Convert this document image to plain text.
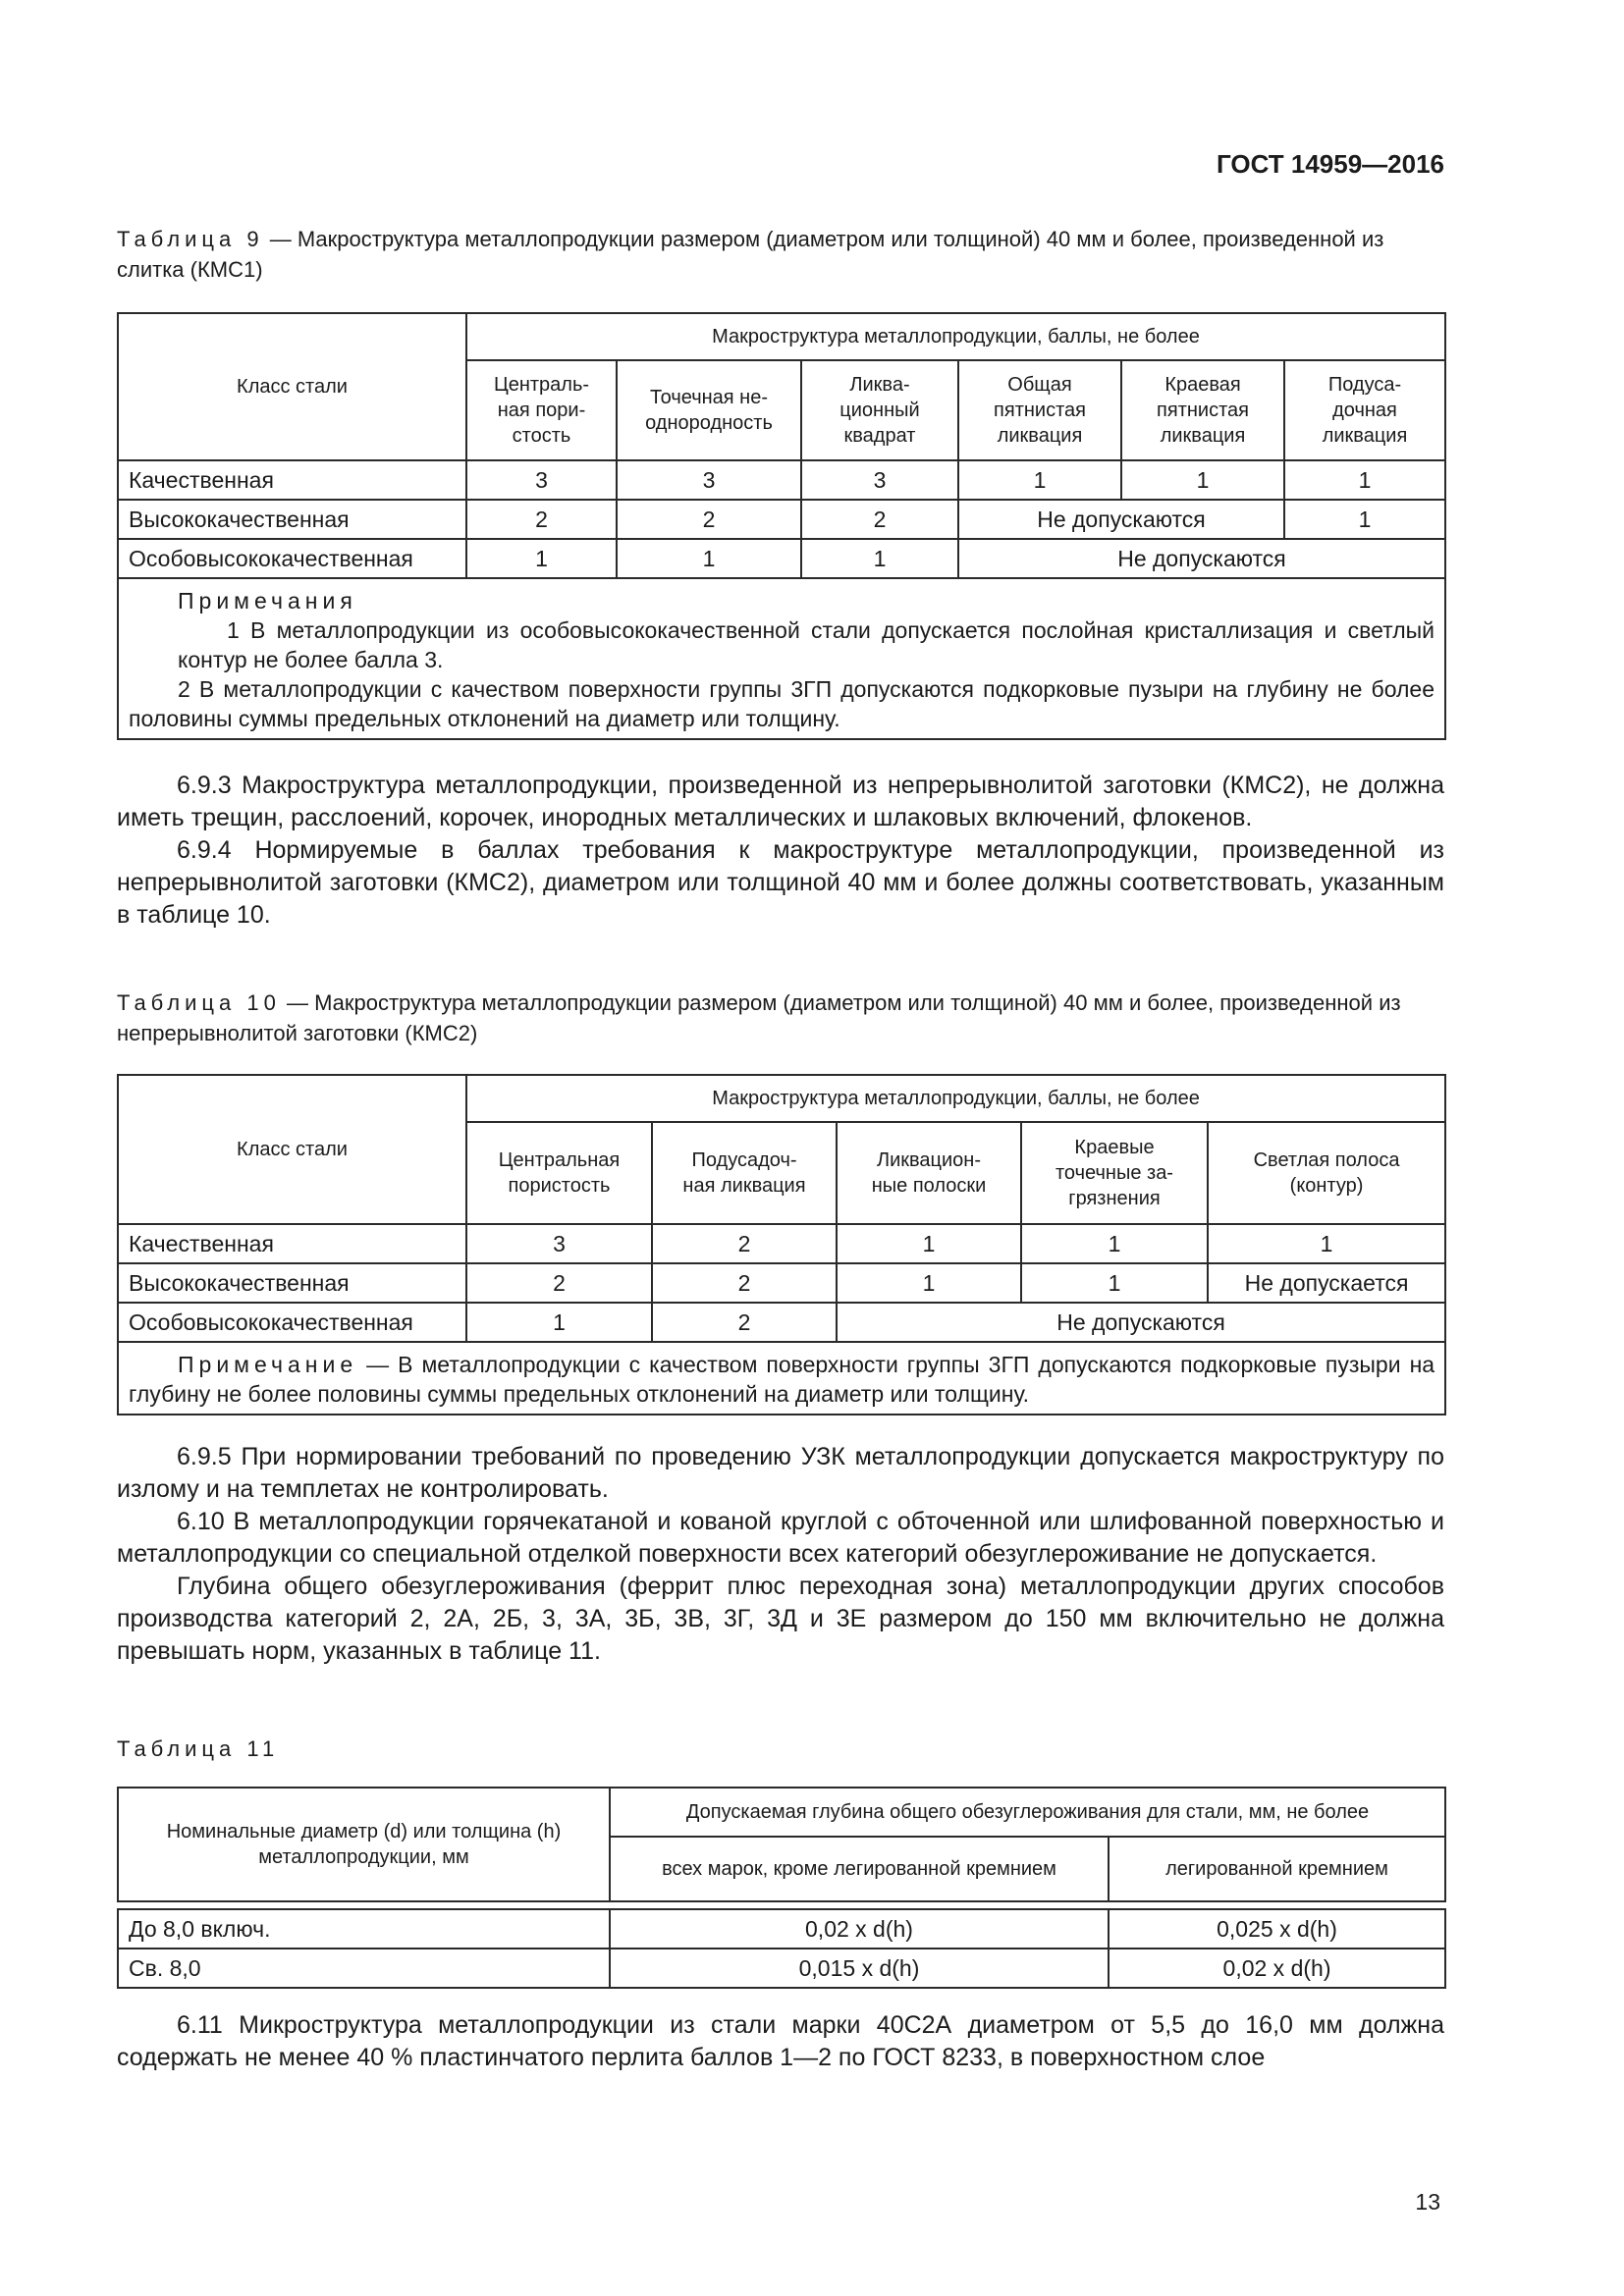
ГОСТ 14959—2016
Таблица 9 — Макроструктура металлопродукции размером (диаметром или толщиной) 40 мм и более, произведенной из слитка (КМС1)
Класс стали	Макроструктура металлопродукции, баллы, не более					

	Централь-
ная пори-
стость	Точечная не-
однородность	Ликва-
ционный
квадрат	Общая
пятнистая
ликвация	Краевая
пятнистая
ликвация	Подуса-
дочная
ликвация

Качественная	3	3	3	1	1	1
Высококачественная	2	2	2	Не допускаются		1
Особовысококачественная	1	1	1	Не допускаются		

Примечания
1 В металлопродукции из особовысококачественной стали допускается послойная кристаллизация и светлый контур не более балла 3.
2 В металлопродукции с качеством поверхности группы 3ГП допускаются подкорковые пузыри на глубину не более половины суммы предельных отклонений на диаметр или толщину.						

6.9.3 Макроструктура металлопродукции, произведенной из непрерывнолитой заготовки (КМС2), не должна иметь трещин, расслоений, корочек, инородных металлических и шлаковых включений, флокенов.

6.9.4 Нормируемые в баллах требования к макроструктуре металлопродукции, произведенной из непрерывнолитой заготовки (КМС2), диаметром или толщиной 40 мм и более должны соответствовать, указанным в таблице 10.

Таблица 10 — Макроструктура металлопродукции размером (диаметром или толщиной) 40 мм и более, произведенной из непрерывнолитой заготовки (КМС2)
Класс стали	Макроструктура металлопродукции, баллы, не более				

	Центральная
пористость	Подусадоч-
ная ликвация	Ликвацион-
ные полоски	Краевые
точечные за-
грязнения	Светлая полоса
(контур)

Качественная	3	2	1	1	1
Высококачественная	2	2	1	1	Не допускается
Особовысококачественная	1	2	Не допускаются		

Примечание — В металлопродукции с качеством поверхности группы 3ГП допускаются подкорковые пузыри на глубину не более половины суммы предельных отклонений на диаметр или толщину.					

6.9.5 При нормировании требований по проведению УЗК металлопродукции допускается макроструктуру по излому и на темплетах не контролировать.

6.10 В металлопродукции горячекатаной и кованой круглой с обточенной или шлифованной поверхностью и металлопродукции со специальной отделкой поверхности всех категорий обезуглероживание не допускается.

Глубина общего обезуглероживания (феррит плюс переходная зона) металлопродукции других способов производства категорий 2, 2А, 2Б, 3, 3А, 3Б, 3В, 3Г, 3Д и 3Е размером до 150 мм включительно не должна превышать норм, указанных в таблице 11.

Таблица 11
Номинальные диаметр (d) или толщина (h)
металлопродукции, мм	Допускаемая глубина общего обезуглероживания для стали, мм, не более	
	всех марок, кроме легированной кремнием	легированной кремнием

До 8,0 включ.	0,02 x d(h)	0,025 x d(h)
Св. 8,0	0,015 x d(h)	0,02 x d(h)

6.11 Микроструктура металлопродукции из стали марки 40С2А диаметром от 5,5 до 16,0 мм должна содержать не менее 40 % пластинчатого перлита баллов 1—2 по ГОСТ 8233, в поверхностном слое

13
